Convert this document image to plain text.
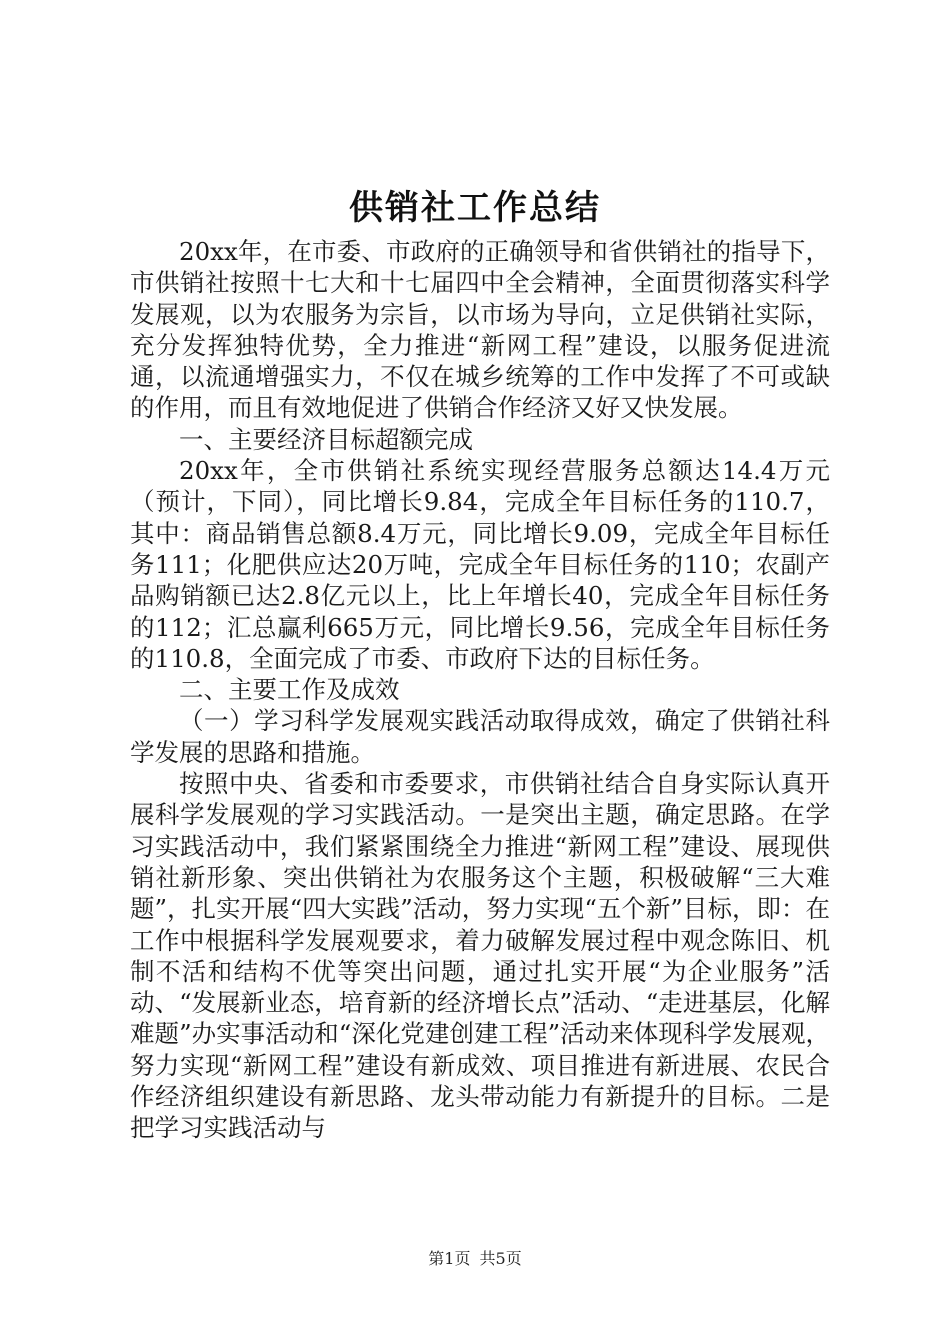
供销社工作总结

20xx年，在市委、市政府的正确领导和省供销社的指导下，市供销社按照十七大和十七届四中全会精神，全面贯彻落实科学发展观，以为农服务为宗旨，以市场为导向，立足供销社实际，充分发挥独特优势，全力推进“新网工程”建设，以服务促进流通，以流通增强实力，不仅在城乡统筹的工作中发挥了不可或缺的作用，而且有效地促进了供销合作经济又好又快发展。

一、主要经济目标超额完成

20xx年，全市供销社系统实现经营服务总额达14.4万元（预计，下同），同比增长9.84，完成全年目标任务的110.7，其中：商品销售总额8.4万元，同比增长9.09，完成全年目标任务111；化肥供应达20万吨，完成全年目标任务的110；农副产品购销额已达2.8亿元以上，比上年增长40，完成全年目标任务的112；汇总赢利665万元，同比增长9.56，完成全年目标任务的110.8，全面完成了市委、市政府下达的目标任务。

二、主要工作及成效

（一）学习科学发展观实践活动取得成效，确定了供销社科学发展的思路和措施。

按照中央、省委和市委要求，市供销社结合自身实际认真开展科学发展观的学习实践活动。一是突出主题，确定思路。在学习实践活动中，我们紧紧围绕全力推进“新网工程”建设、展现供销社新形象、突出供销社为农服务这个主题，积极破解“三大难题”，扎实开展“四大实践”活动，努力实现“五个新”目标，即：在工作中根据科学发展观要求，着力破解发展过程中观念陈旧、机制不活和结构不优等突出问题，通过扎实开展“为企业服务”活动、“发展新业态，培育新的经济增长点”活动、“走进基层，化解难题”办实事活动和“深化党建创建工程”活动来体现科学发展观，努力实现“新网工程”建设有新成效、项目推进有新进展、农民合作经济组织建设有新思路、龙头带动能力有新提升的目标。二是把学习实践活动与

第1页 共5页
